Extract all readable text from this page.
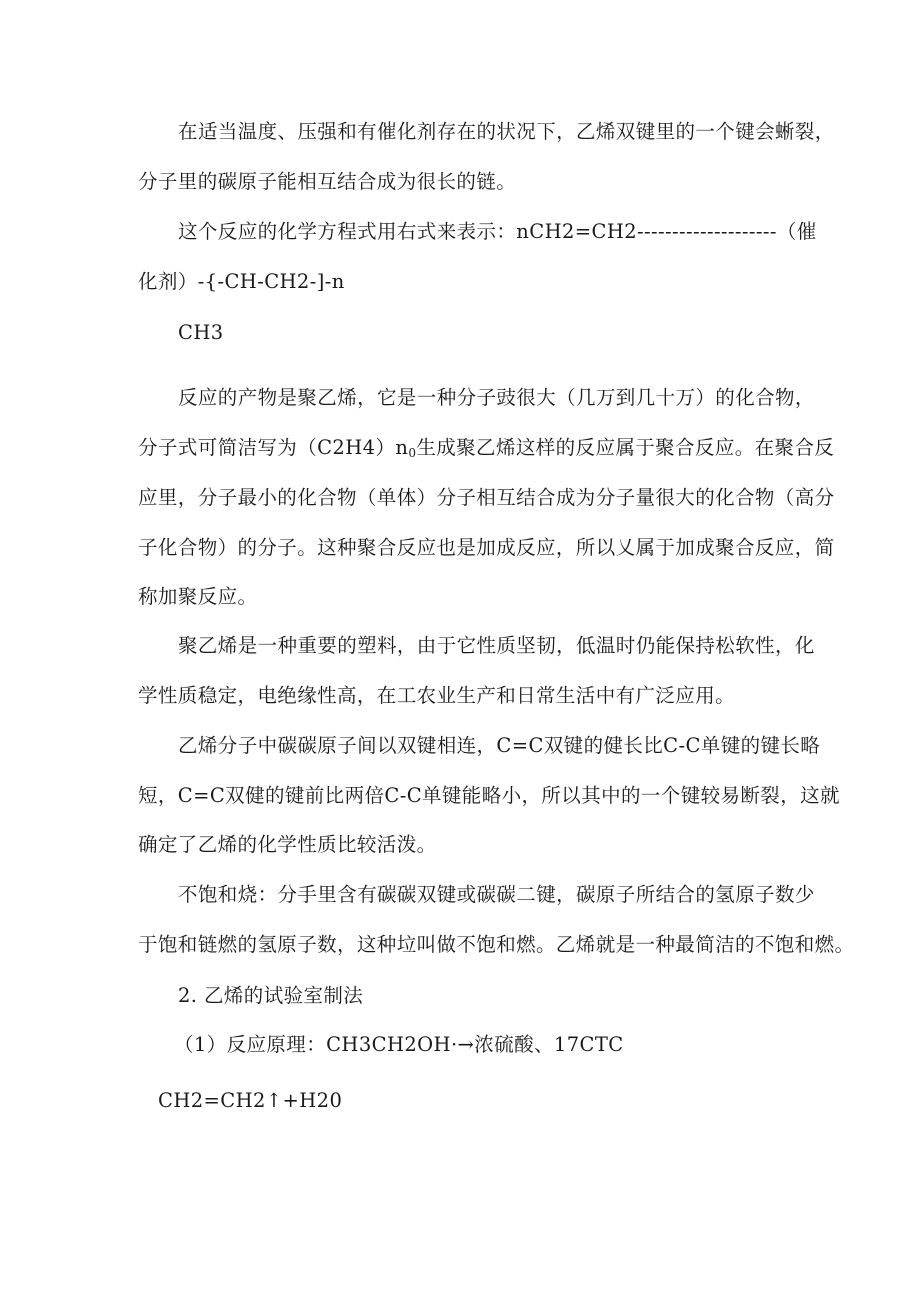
在适当温度、压强和有催化剂存在的状况下，乙烯双键里的一个键会蜥裂，
分子里的碳原子能相互结合成为很长的链。
这个反应的化学方程式用右式来表示：nCH2=CH2--------------------（催
化剂）-{-CH-CH2-]-n
CH3
反应的产物是聚乙烯，它是一种分子豉很大（几万到几十万）的化合物，
分子式可简洁写为$(C2H4)n_0$生成聚乙烯这样的反应属于聚合反应。在聚合反
应里，分子最小的化合物（单体）分子相互结合成为分子量很大的化合物（高分
子化合物）的分子。这种聚合反应也是加成反应，所以乂属于加成聚合反应，简
称加聚反应。
聚乙烯是一种重要的塑料，由于它性质坚韧，低温时仍能保持松软性，化
学性质稳定，电绝缘性高，在工农业生产和日常生活中有广泛应用。
乙烯分子中碳碳原子间以双键相连，C=C双键的健长比C-C单键的键长略
短，C=C双健的键前比两倍C-C单键能略小，所以其中的一个键较易断裂，这就
确定了乙烯的化学性质比较活泼。
不饱和烧：分手里含有碳碳双键或碳碳二键，碳原子所结合的氢原子数少
于饱和链燃的氢原子数，这种垃叫做不饱和燃。乙烯就是一种最简洁的不饱和燃。
2. 乙烯的试验室制法
（1）反应原理：CH3CH2OH·→浓硫酸、17CTC
CH2=CH2↑+H20
